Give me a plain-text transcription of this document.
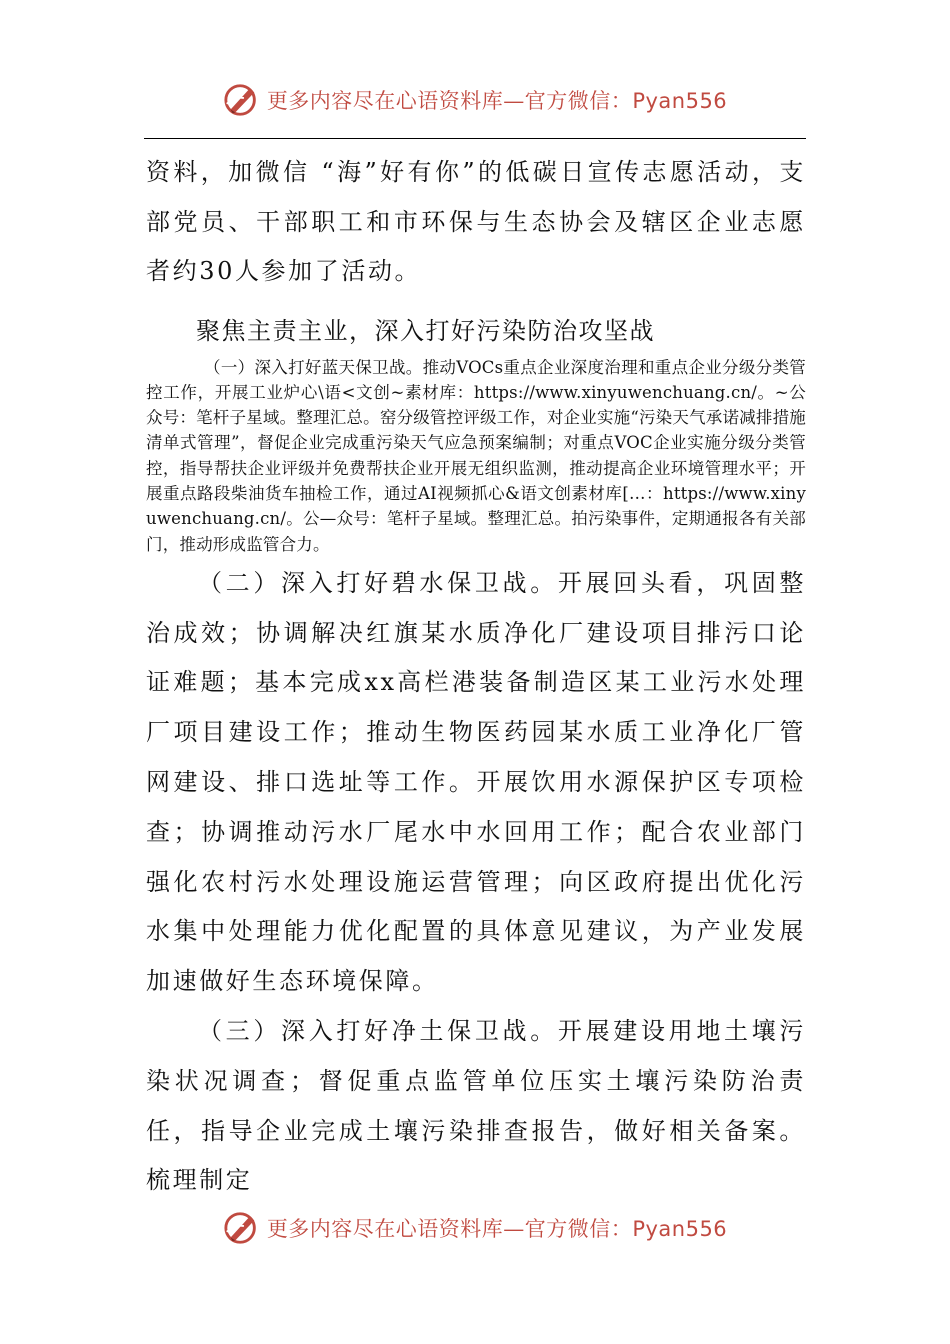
更多内容尽在心语资料库—官方微信：Pyan556

资料，加微信 “海”好有你”的低碳日宣传志愿活动，支部党员、干部职工和市环保与生态协会及辖区企业志愿者约30人参加了活动。

聚焦主责主业，深入打好污染防治攻坚战

（一）深入打好蓝天保卫战。推动VOCs重点企业深度治理和重点企业分级分类管控工作，开展工业炉心\语<文创~素材库：https://www.xinyuwenchuang.cn/。~公众号：笔杆子星域。整理汇总。窑分级管控评级工作，对企业实施“污染天气承诺减排措施清单式管理”，督促企业完成重污染天气应急预案编制；对重点VOC企业实施分级分类管控，指导帮扶企业评级并免费帮扶企业开展无组织监测，推动提高企业环境管理水平；开展重点路段柴油货车抽检工作，通过AI视频抓心&语文创素材库[…：https://www.xinyuwenchuang.cn/。公—众号：笔杆子星域。整理汇总。拍污染事件，定期通报各有关部门，推动形成监管合力。

（二）深入打好碧水保卫战。开展回头看，巩固整治成效；协调解决红旗某水质净化厂建设项目排污口论证难题；基本完成xx高栏港装备制造区某工业污水处理厂项目建设工作；推动生物医药园某水质工业净化厂管网建设、排口选址等工作。开展饮用水源保护区专项检查；协调推动污水厂尾水中水回用工作；配合农业部门强化农村污水处理设施运营管理；向区政府提出优化污水集中处理能力优化配置的具体意见建议，为产业发展加速做好生态环境保障。

（三）深入打好净土保卫战。开展建设用地土壤污染状况调查；督促重点监管单位压实土壤污染防治责任，指导企业完成土壤污染排查报告，做好相关备案。梳理制定

更多内容尽在心语资料库—官方微信：Pyan556
